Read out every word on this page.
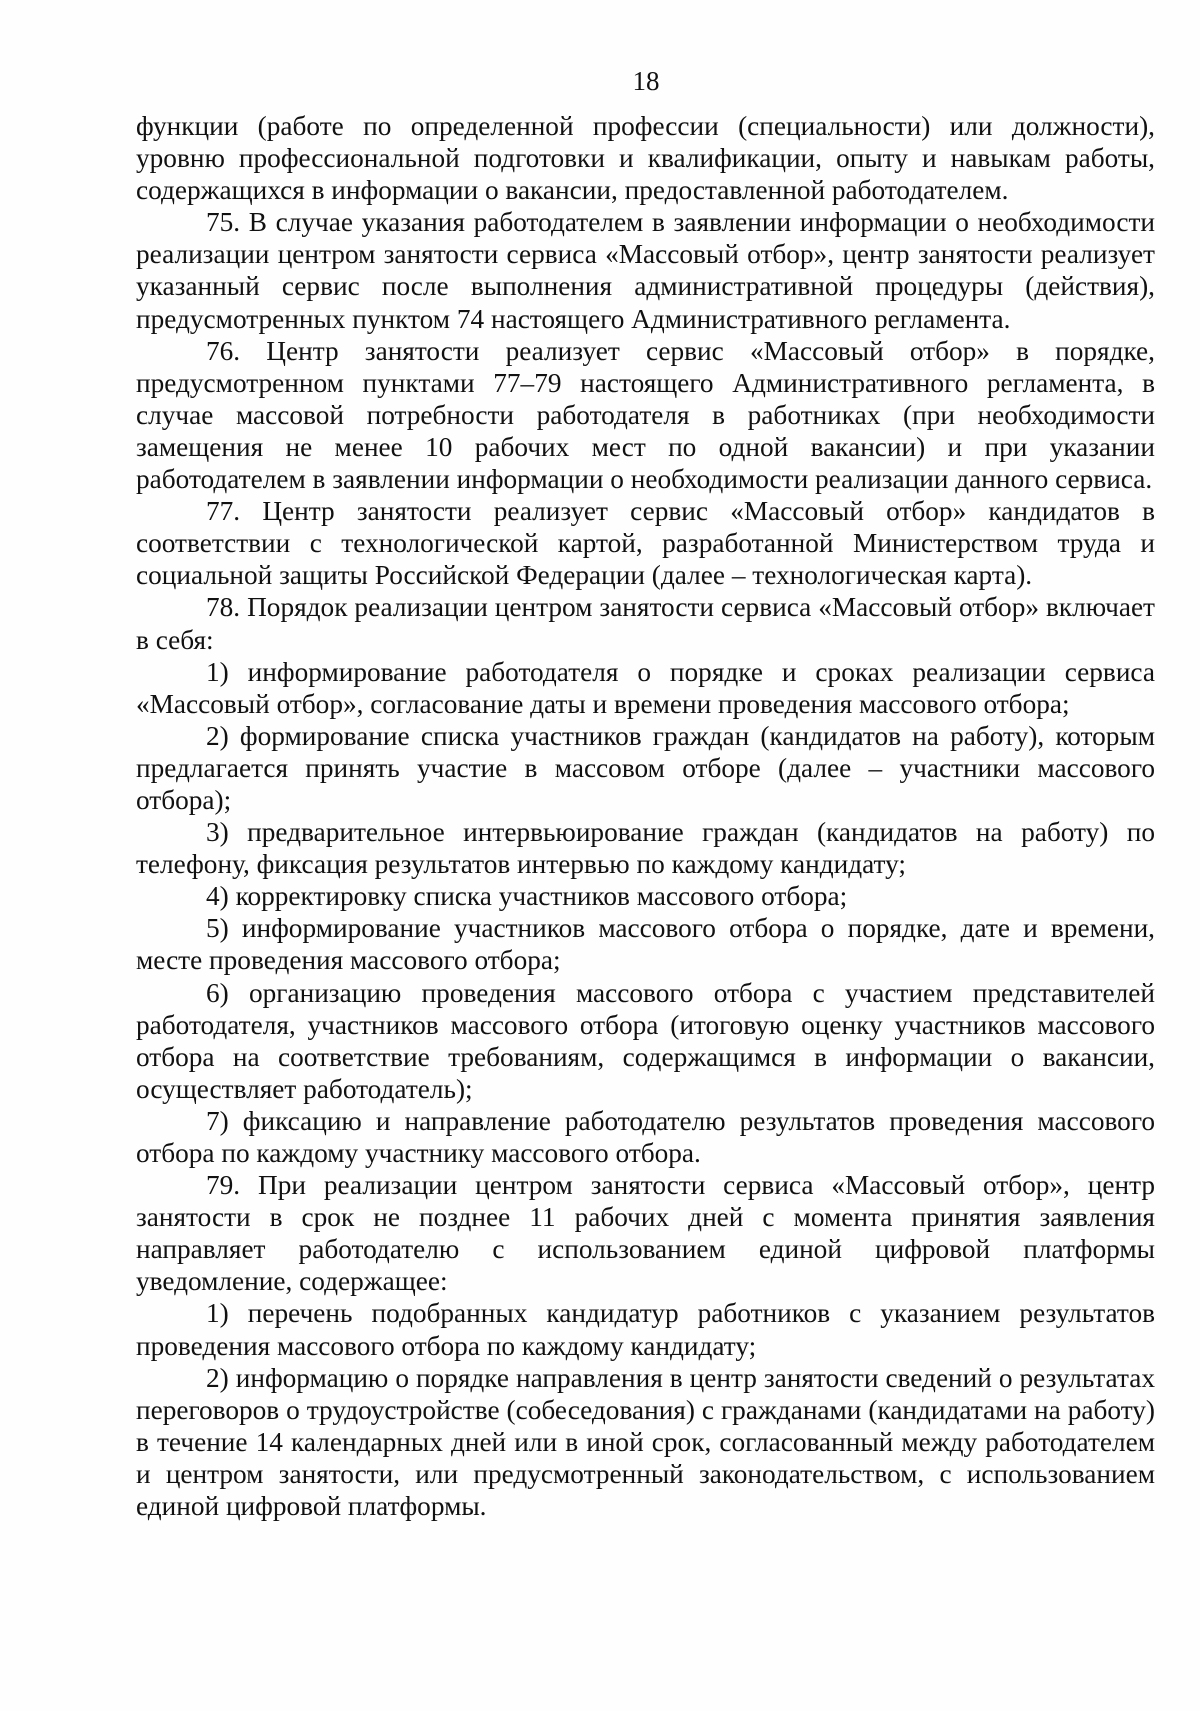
18

функции (работе по определенной профессии (специальности) или должности), уровню профессиональной подготовки и квалификации, опыту и навыкам работы, содержащихся в информации о вакансии, предоставленной работодателем.

75. В случае указания работодателем в заявлении информации о необходимости реализации центром занятости сервиса «Массовый отбор», центр занятости реализует указанный сервис после выполнения административной процедуры (действия), предусмотренных пунктом 74 настоящего Административного регламента.

76. Центр занятости реализует сервис «Массовый отбор» в порядке, предусмотренном пунктами 77–79 настоящего Административного регламента, в случае массовой потребности работодателя в работниках (при необходимости замещения не менее 10 рабочих мест по одной вакансии) и при указании работодателем в заявлении информации о необходимости реализации данного сервиса.

77. Центр занятости реализует сервис «Массовый отбор» кандидатов в соответствии с технологической картой, разработанной Министерством труда и социальной защиты Российской Федерации (далее – технологическая карта).

78. Порядок реализации центром занятости сервиса «Массовый отбор» включает в себя:

1) информирование работодателя о порядке и сроках реализации сервиса «Массовый отбор», согласование даты и времени проведения массового отбора;

2) формирование списка участников граждан (кандидатов на работу), которым предлагается принять участие в массовом отборе (далее – участники массового отбора);

3) предварительное интервьюирование граждан (кандидатов на работу) по телефону, фиксация результатов интервью по каждому кандидату;

4) корректировку списка участников массового отбора;

5) информирование участников массового отбора о порядке, дате и времени, месте проведения массового отбора;

6) организацию проведения массового отбора с участием представителей работодателя, участников массового отбора (итоговую оценку участников массового отбора на соответствие требованиям, содержащимся в информации о вакансии, осуществляет работодатель);

7) фиксацию и направление работодателю результатов проведения массового отбора по каждому участнику массового отбора.

79. При реализации центром занятости сервиса «Массовый отбор», центр занятости в срок не позднее 11 рабочих дней с момента принятия заявления направляет работодателю с использованием единой цифровой платформы уведомление, содержащее:

1) перечень подобранных кандидатур работников с указанием результатов проведения массового отбора по каждому кандидату;

2) информацию о порядке направления в центр занятости сведений о результатах переговоров о трудоустройстве (собеседования) с гражданами (кандидатами на работу) в течение 14 календарных дней или в иной срок, согласованный между работодателем и центром занятости, или предусмотренный законодательством, с использованием единой цифровой платформы.
